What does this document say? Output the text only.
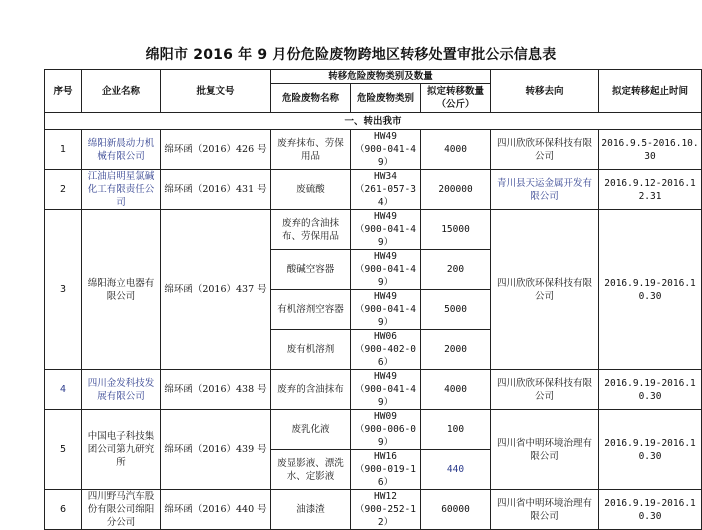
绵阳市 2016 年 9 月份危险废物跨地区转移处置审批公示信息表
序号	企业名称	批复文号	转移危险废物类别及数量			转移去向	拟定转移起止时间
			危险废物名称	危险废物类别	拟定转移数量（公斤）		
一、转出我市							
1	绵阳新晨动力机械有限公司	绵环函（2016）426 号	废弃抹布、劳保用品	HW49
（900-041-49）	4000	四川欣欣环保科技有限公司	2016.9.5-2016.10.30
2	江油启明星氯碱化工有限责任公司	绵环函（2016）431 号	废硫酸	HW34
（261-057-34）	200000	青川县天运金属开发有限公司	2016.9.12-2016.12.31
3	绵阳海立电器有限公司	绵环函（2016）437 号	废弃的含油抹布、劳保用品	HW49
（900-041-49）	15000	四川欣欣环保科技有限公司	2016.9.19-2016.10.30
			酸碱空容器	HW49
（900-041-49）	200		
			有机溶剂空容器	HW49
（900-041-49）	5000		
			废有机溶剂	HW06
（900-402-06）	2000		
4	四川金发科技发展有限公司	绵环函（2016）438 号	废弃的含油抹布	HW49
（900-041-49）	4000	四川欣欣环保科技有限公司	2016.9.19-2016.10.30
5	中国电子科技集团公司第九研究所	绵环函（2016）439 号	废乳化液	HW09
（900-006-09）	100	四川省中明环境治理有限公司	2016.9.19-2016.10.30
			废显影液、漂洗水、定影液	HW16
（900-019-16）	440		
6	四川野马汽车股份有限公司绵阳分公司	绵环函（2016）440 号	油漆渣	HW12
（900-252-12）	60000	四川省中明环境治理有限公司	2016.9.19-2016.10.30
